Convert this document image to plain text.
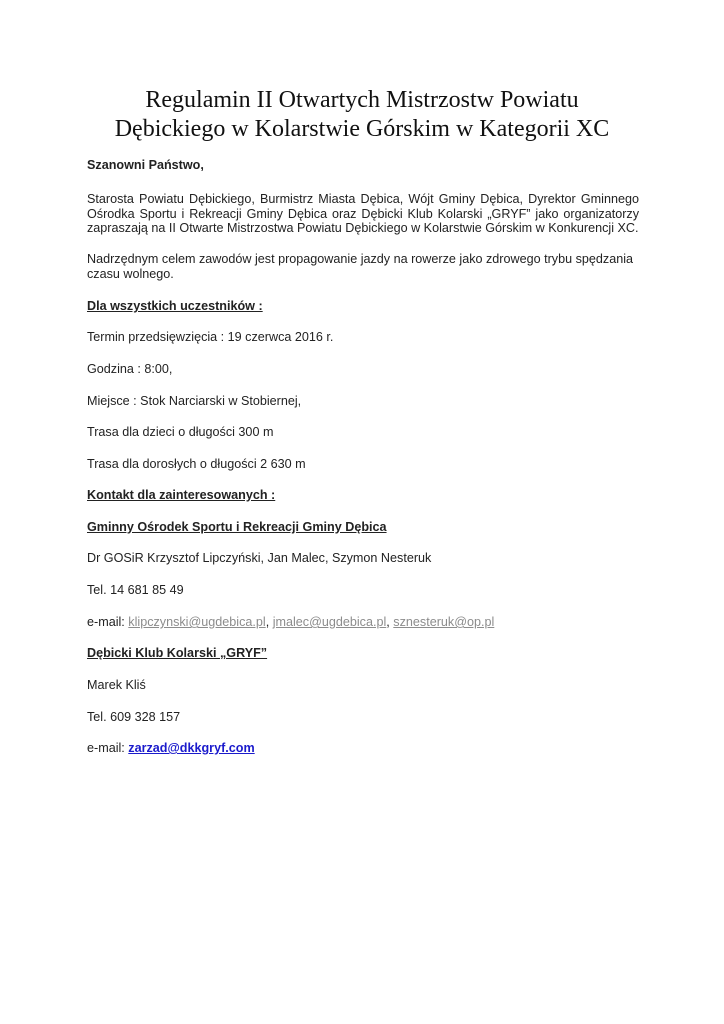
Regulamin II Otwartych Mistrzostw Powiatu
Dębickiego w Kolarstwie Górskim w Kategorii XC

Szanowni Państwo,

Starosta Powiatu Dębickiego, Burmistrz Miasta Dębica, Wójt Gminy Dębica, Dyrektor Gminnego Ośrodka Sportu i Rekreacji Gminy Dębica oraz Dębicki Klub Kolarski „GRYF” jako organizatorzy zapraszają na II Otwarte Mistrzostwa Powiatu Dębickiego w Kolarstwie Górskim w Konkurencji XC.

Nadrzędnym celem zawodów jest propagowanie jazdy na rowerze jako zdrowego trybu spędzania czasu wolnego.

Dla wszystkich uczestników :

Termin przedsięwzięcia : 19 czerwca 2016 r.

Godzina : 8:00,

Miejsce : Stok Narciarski w Stobiernej,

Trasa dla dzieci o długości 300 m

Trasa dla dorosłych o długości 2 630 m

Kontakt dla zainteresowanych :

Gminny Ośrodek Sportu i Rekreacji Gminy Dębica

Dr GOSiR Krzysztof Lipczyński, Jan Malec, Szymon Nesteruk

Tel. 14 681 85 49

e-mail: klipczynski@ugdebica.pl, jmalec@ugdebica.pl, sznesteruk@op.pl

Dębicki Klub Kolarski „GRYF”

Marek Kliś

Tel. 609 328 157

e-mail: zarzad@dkkgryf.com
